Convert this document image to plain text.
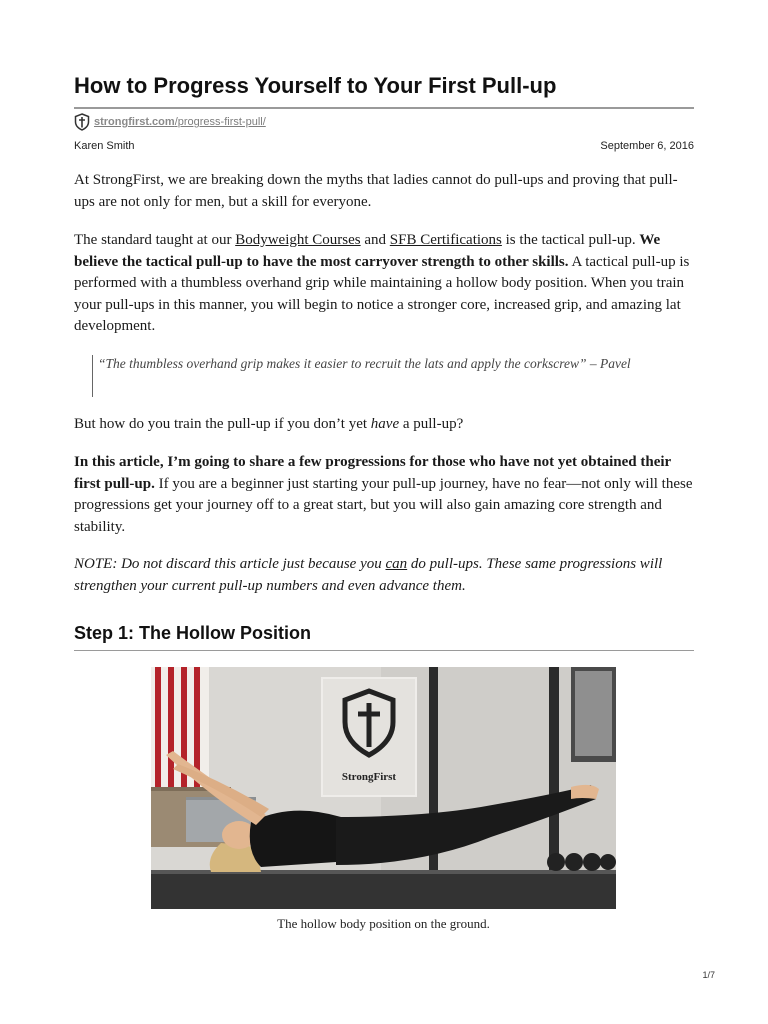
How to Progress Yourself to Your First Pull-up
strongfirst.com/progress-first-pull/
Karen Smith	September 6, 2016

At StrongFirst, we are breaking down the myths that ladies cannot do pull-ups and proving that pull-ups are not only for men, but a skill for everyone.

The standard taught at our Bodyweight Courses and SFB Certifications is the tactical pull-up. We believe the tactical pull-up to have the most carryover strength to other skills. A tactical pull-up is performed with a thumbless overhand grip while maintaining a hollow body position. When you train your pull-ups in this manner, you will begin to notice a stronger core, increased grip, and amazing lat development.

“The thumbless overhand grip makes it easier to recruit the lats and apply the corkscrew” – Pavel

But how do you train the pull-up if you don’t yet have a pull-up?

In this article, I’m going to share a few progressions for those who have not yet obtained their first pull-up. If you are a beginner just starting your pull-up journey, have no fear—not only will these progressions get your journey off to a great start, but you will also gain amazing core strength and stability.

NOTE: Do not discard this article just because you can do pull-ups. These same progressions will strengthen your current pull-up numbers and even advance them.

Step 1: The Hollow Position
StrongFirst
The hollow body position on the ground.
1/7
